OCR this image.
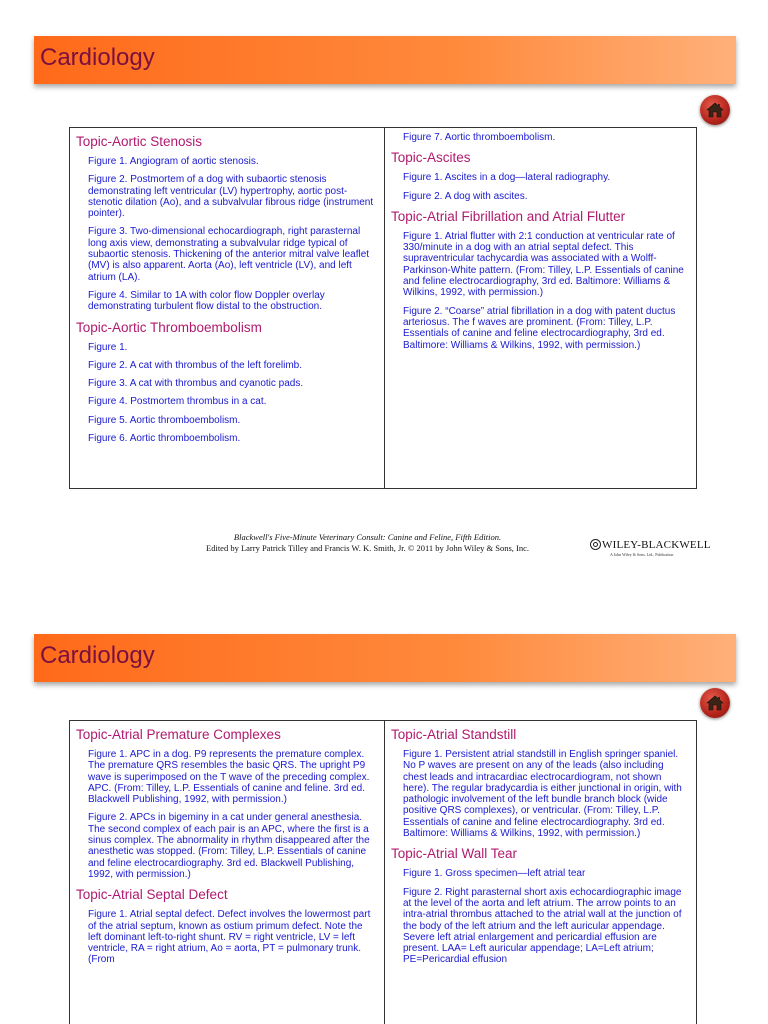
Cardiology
Topic-Aortic Stenosis
Figure 1. Angiogram of aortic stenosis.
Figure 2. Postmortem of a dog with subaortic stenosis demonstrating left ventricular (LV) hypertrophy, aortic post-stenotic dilation (Ao), and a subvalvular fibrous ridge (instrument pointer).
Figure 3. Two-dimensional echocardiograph, right parasternal long axis view, demonstrating a subvalvular ridge typical of subaortic stenosis. Thickening of the anterior mitral valve leaflet (MV) is also apparent. Aorta (Ao), left ventricle (LV), and left atrium (LA).
Figure 4. Similar to 1A with color flow Doppler overlay demonstrating turbulent flow distal to the obstruction.
Topic-Aortic Thromboembolism
Figure 1.
Figure 2. A cat with thrombus of the left forelimb.
Figure 3. A cat with thrombus and cyanotic pads.
Figure 4. Postmortem thrombus in a cat.
Figure 5. Aortic thromboembolism.
Figure 6. Aortic thromboembolism.
Figure 7. Aortic thromboembolism.
Topic-Ascites
Figure 1. Ascites in a dog—lateral radiography.
Figure 2. A dog with ascites.
Topic-Atrial Fibrillation and Atrial Flutter
Figure 1. Atrial flutter with 2:1 conduction at ventricular rate of 330/minute in a dog with an atrial septal defect. This supraventricular tachycardia was associated with a Wolff-Parkinson-White pattern. (From: Tilley, L.P. Essentials of canine and feline electrocardiography, 3rd ed. Baltimore: Williams & Wilkins, 1992, with permission.)
Figure 2. “Coarse” atrial fibrillation in a dog with patent ductus arteriosus. The f waves are prominent. (From: Tilley, L.P. Essentials of canine and feline electrocardiography, 3rd ed. Baltimore: Williams & Wilkins, 1992, with permission.)
Blackwell's Five-Minute Veterinary Consult: Canine and Feline, Fifth Edition.
Edited by Larry Patrick Tilley and Francis W. K. Smith, Jr. © 2011 by John Wiley & Sons, Inc.	WILEY-BLACKWELL
A John Wiley & Sons, Ltd., Publication
Cardiology
Topic-Atrial Premature Complexes
Figure 1. APC in a dog. P9 represents the premature complex. The premature QRS resembles the basic QRS. The upright P9 wave is superimposed on the T wave of the preceding complex. APC. (From: Tilley, L.P. Essentials of canine and feline. 3rd ed. Blackwell Publishing, 1992, with permission.)
Figure 2. APCs in bigeminy in a cat under general anesthesia. The second complex of each pair is an APC, where the first is a sinus complex. The abnormality in rhythm disappeared after the anesthetic was stopped. (From: Tilley, L.P. Essentials of canine and feline electrocardiography. 3rd ed. Blackwell Publishing, 1992, with permission.)
Topic-Atrial Septal Defect
Figure 1. Atrial septal defect. Defect involves the lowermost part of the atrial septum, known as ostium primum defect. Note the left dominant left-to-right shunt. RV = right ventricle, LV = left ventricle, RA = right atrium, Ao = aorta, PT = pulmonary trunk. (From
Topic-Atrial Standstill
Figure 1. Persistent atrial standstill in English springer spaniel. No P waves are present on any of the leads (also including chest leads and intracardiac electrocardiogram, not shown here). The regular bradycardia is either junctional in origin, with pathologic involvement of the left bundle branch block (wide positive QRS complexes), or ventricular. (From: Tilley, L.P. Essentials of canine and feline electrocardiography. 3rd ed. Baltimore: Williams & Wilkins, 1992, with permission.)
Topic-Atrial Wall Tear
Figure 1. Gross specimen—left atrial tear
Figure 2. Right parasternal short axis echocardiographic image at the level of the aorta and left atrium. The arrow points to an intra-atrial thrombus attached to the atrial wall at the junction of the body of the left atrium and the left auricular appendage. Severe left atrial enlargement and pericardial effusion are present. LAA= Left auricular appendage; LA=Left atrium; PE=Pericardial effusion
